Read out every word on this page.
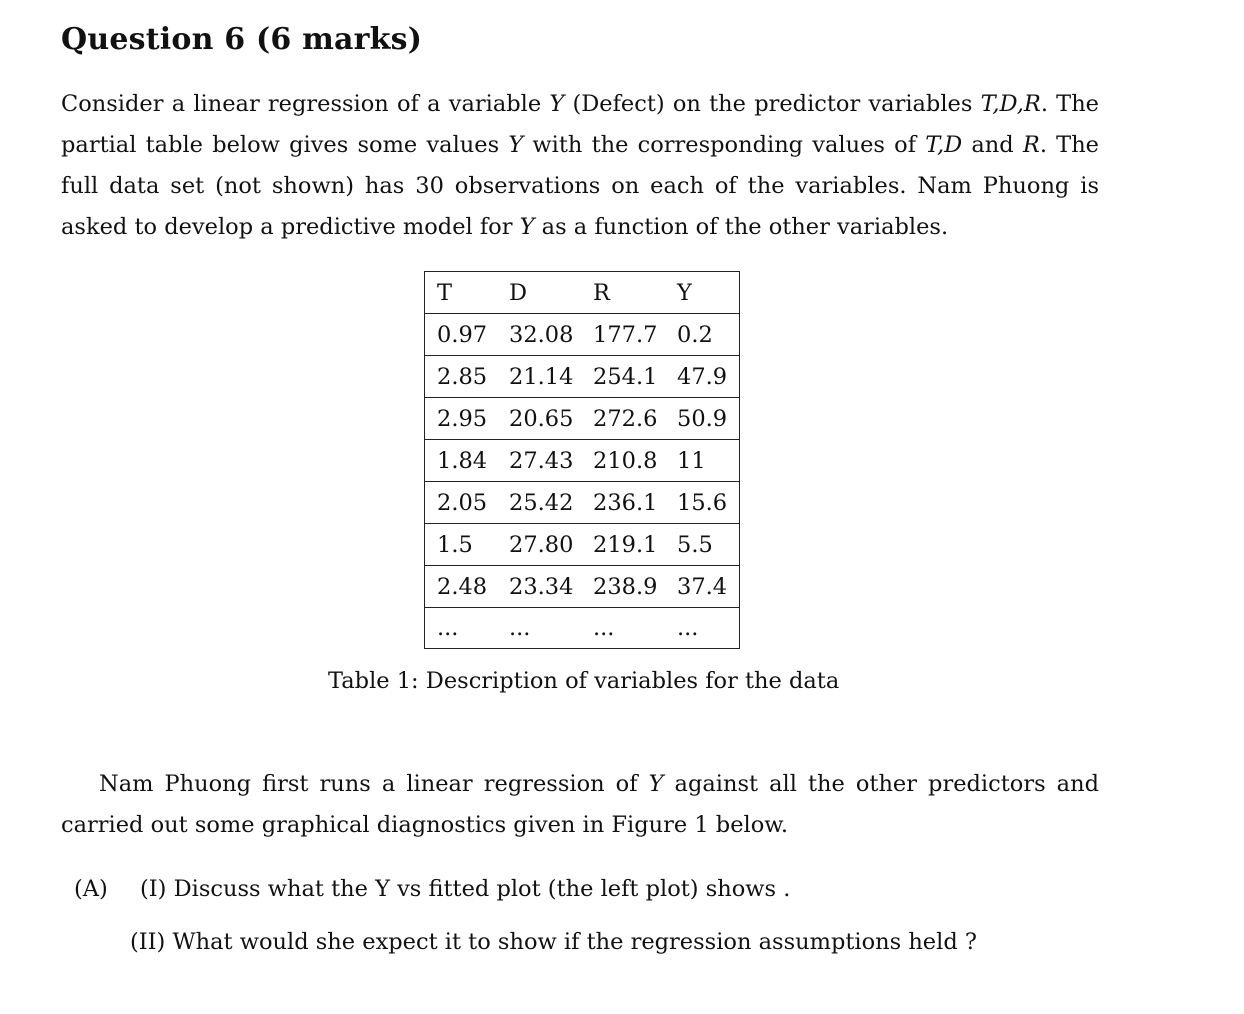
Question 6 (6 marks)

Consider a linear regression of a variable Y (Defect) on the predictor variables T,D,R. The partial table below gives some values Y with the corresponding values of T,D and R. The full data set (not shown) has 30 observations on each of the variables. Nam Phuong is asked to develop a predictive model for Y as a function of the other variables.

T	D	R	Y
0.97	32.08	177.7	0.2
2.85	21.14	254.1	47.9
2.95	20.65	272.6	50.9
1.84	27.43	210.8	11
2.05	25.42	236.1	15.6
1.5	27.80	219.1	5.5
2.48	23.34	238.9	37.4
...	...	...	...

Table 1: Description of variables for the data

Nam Phuong first runs a linear regression of Y against all the other predictors and carried out some graphical diagnostics given in Figure 1 below.

(A) (I) Discuss what the Y vs fitted plot (the left plot) shows .

(II) What would she expect it to show if the regression assumptions held ?
